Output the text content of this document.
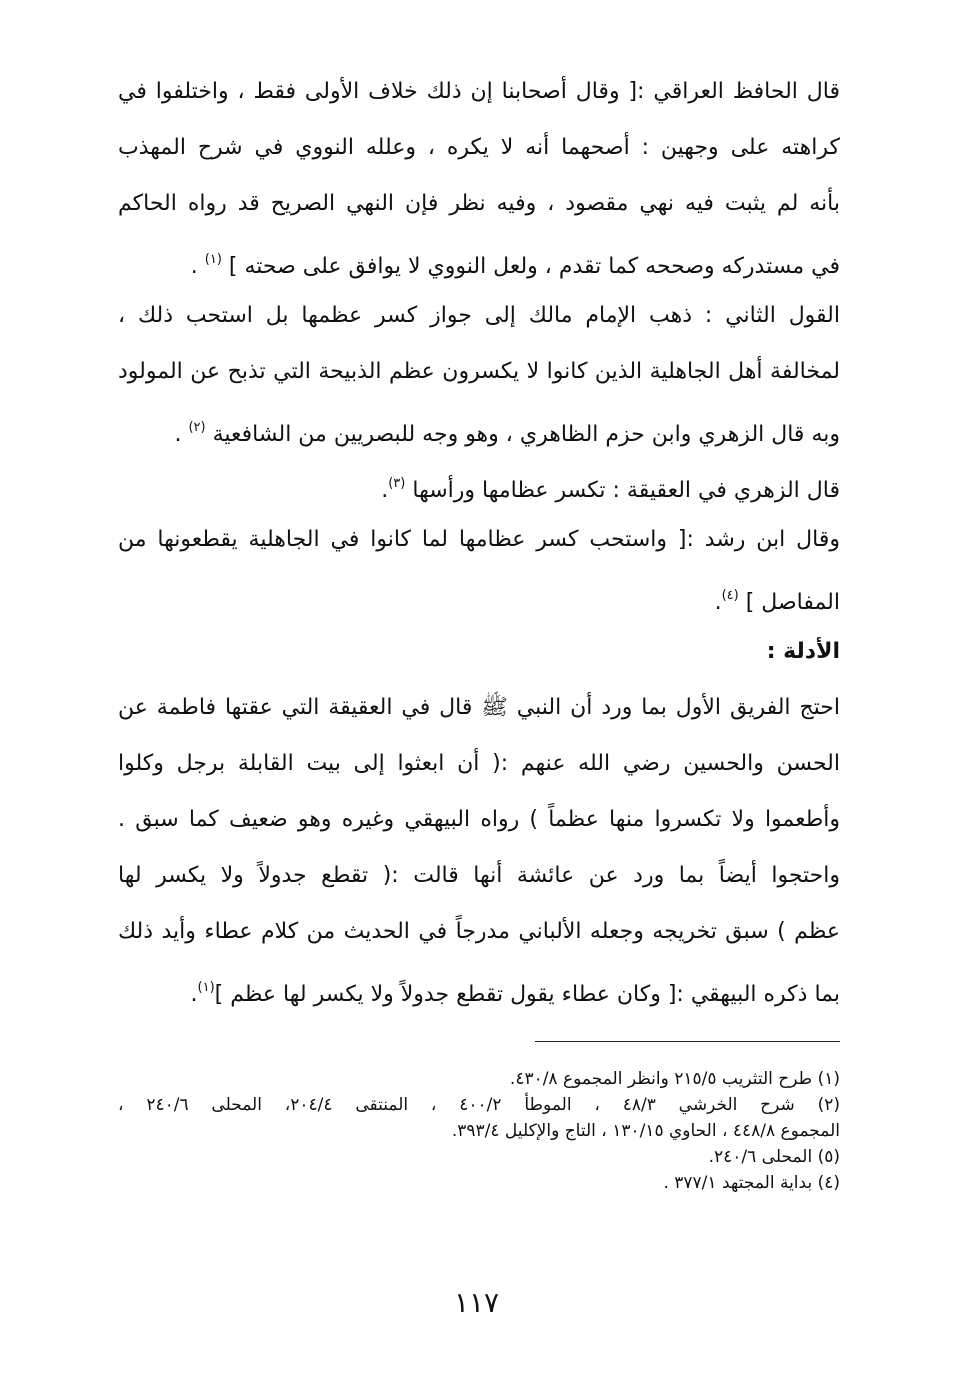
قال الحافظ العراقي :[ وقال أصحابنا إن ذلك خلاف الأولى فقط ، واختلفوا في
كراهته على وجهين : أصحهما أنه لا يكره ، وعلله النووي في شرح المهذب
بأنه لم يثبت فيه نهي مقصود ، وفيه نظر فإن النهي الصريح قد رواه الحاكم
في مستدركه وصححه كما تقدم ، ولعل النووي لا يوافق على صحته ] $^{(١)}$ .
القول الثاني : ذهب الإمام مالك إلى جواز كسر عظمها بل استحب ذلك ،
لمخالفة أهل الجاهلية الذين كانوا لا يكسرون عظم الذبيحة التي تذبح عن المولود
وبه قال الزهري وابن حزم الظاهري ، وهو وجه للبصريين من الشافعية $^{(٢)}$ .
قال الزهري في العقيقة : تكسر عظامها ورأسها $^{(٣)}$.
وقال ابن رشد :[ واستحب كسر عظامها لما كانوا في الجاهلية يقطعونها من
المفاصل ] $^{(٤)}$.
الأدلة :
احتج الفريق الأول بما ورد أن النبي ﷺ قال في العقيقة التي عقتها فاطمة عن
الحسن والحسين رضي الله عنهم :( أن ابعثوا إلى بيت القابلة برجل وكلوا
وأطعموا ولا تكسروا منها عظماً ) رواه البيهقي وغيره وهو ضعيف كما سبق .
واحتجوا أيضاً بما ورد عن عائشة أنها قالت :( تقطع جدولاً ولا يكسر لها
عظم ) سبق تخريجه وجعله الألباني مدرجاً في الحديث من كلام عطاء وأيد ذلك
بما ذكره البيهقي :[ وكان عطاء يقول تقطع جدولاً ولا يكسر لها عظم ]$^{(١)}$.
(١) طرح التثريب ٢١٥/٥ وانظر المجموع ٤٣٠/٨.
(٢) شرح الخرشي ٤٨/٣ ، الموطأ ٤٠٠/٢ ، المنتقى ٢٠٤/٤، المحلى ٢٤٠/٦ ،
المجموع ٤٤٨/٨ ، الحاوي ١٣٠/١٥ ، التاج والإكليل ٣٩٣/٤.
(٥) المحلى ٢٤٠/٦.
(٤) بداية المجتهد ٣٧٧/١ .
١١٧
